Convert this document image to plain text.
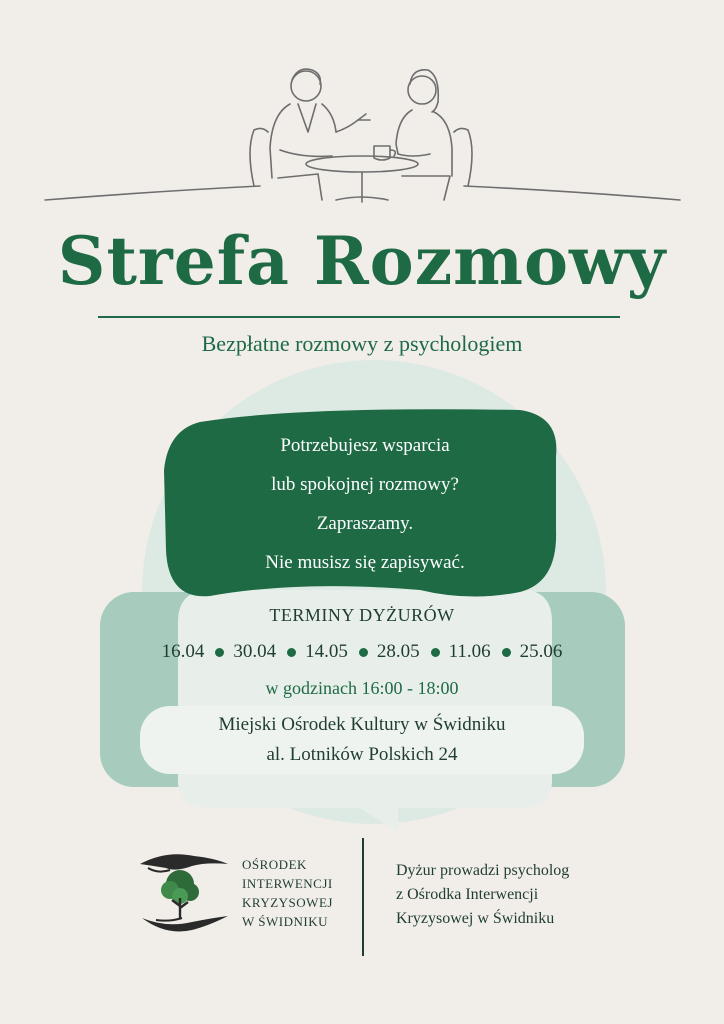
Strefa Rozmowy
Bezpłatne rozmowy z psychologiem
Potrzebujesz wsparcia
lub spokojnej rozmowy?
Zapraszamy.
Nie musisz się zapisywać.
TERMINY DYŻURÓW
16.04 30.04 14.05 28.05 11.06 25.06
w godzinach 16:00 - 18:00
Miejski Ośrodek Kultury w Świdniku
al. Lotników Polskich 24
OŚRODEK
INTERWENCJI
KRYZYSOWEJ
W ŚWIDNIKU
Dyżur prowadzi psycholog
z Ośrodka Interwencji
Kryzysowej w Świdniku
